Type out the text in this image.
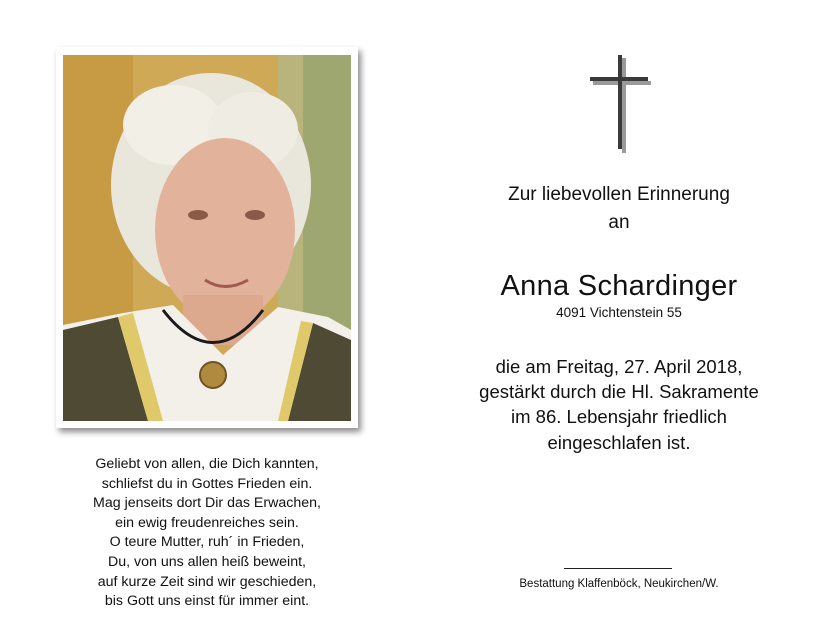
Geliebt von allen, die Dich kannten,
schliefst du in Gottes Frieden ein.
Mag jenseits dort Dir das Erwachen,
ein ewig freudenreiches sein.
O teure Mutter, ruh´ in Frieden,
Du, von uns allen heiß beweint,
auf kurze Zeit sind wir geschieden,
bis Gott uns einst für immer eint.
Zur liebevollen Erinnerung
an
Anna Schardinger
4091 Vichtenstein 55
die am Freitag, 27. April 2018,
gestärkt durch die Hl. Sakramente
im 86. Lebensjahr friedlich
eingeschlafen ist.
Bestattung Klaffenböck, Neukirchen/W.
